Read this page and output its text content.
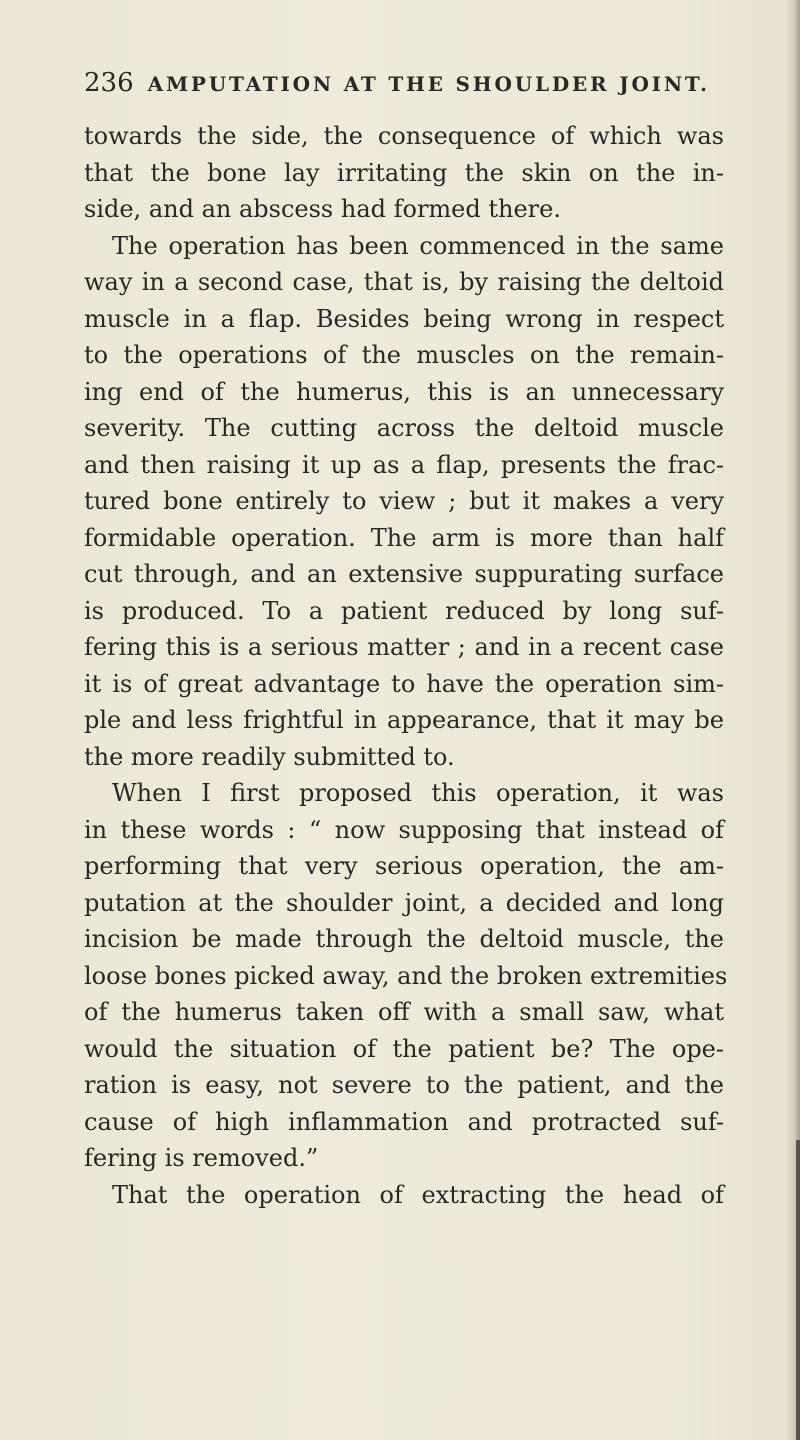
236 AMPUTATION AT THE SHOULDER JOINT.
towards the side, the consequence of which was
that the bone lay irritating the skin on the in-
side, and an abscess had formed there.
The operation has been commenced in the same
way in a second case, that is, by raising the deltoid
muscle in a flap. Besides being wrong in respect
to the operations of the muscles on the remain-
ing end of the humerus, this is an unnecessary
severity. The cutting across the deltoid muscle
and then raising it up as a flap, presents the frac-
tured bone entirely to view ; but it makes a very
formidable operation. The arm is more than half
cut through, and an extensive suppurating surface
is produced. To a patient reduced by long suf-
fering this is a serious matter ; and in a recent case
it is of great advantage to have the operation sim-
ple and less frightful in appearance, that it may be
the more readily submitted to.
When I first proposed this operation, it was
in these words : “ now supposing that instead of
performing that very serious operation, the am-
putation at the shoulder joint, a decided and long
incision be made through the deltoid muscle, the
loose bones picked away, and the broken extremities
of the humerus taken off with a small saw, what
would the situation of the patient be? The ope-
ration is easy, not severe to the patient, and the
cause of high inflammation and protracted suf-
fering is removed.”
That the operation of extracting the head of
